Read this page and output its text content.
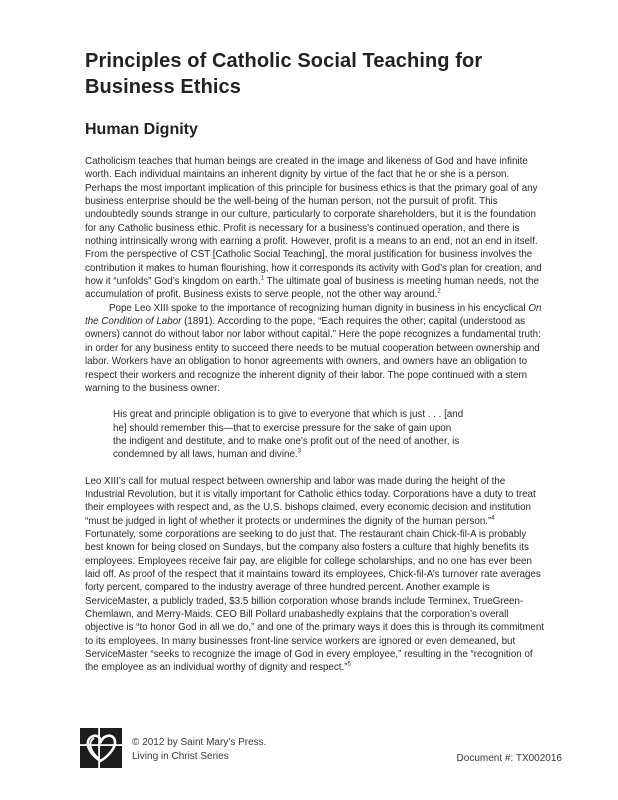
Principles of Catholic Social Teaching for Business Ethics
Human Dignity

Catholicism teaches that human beings are created in the image and likeness of God and have infinite worth. Each individual maintains an inherent dignity by virtue of the fact that he or she is a person. Perhaps the most important implication of this principle for business ethics is that the primary goal of any business enterprise should be the well-being of the human person, not the pursuit of profit. This undoubtedly sounds strange in our culture, particularly to corporate shareholders, but it is the foundation for any Catholic business ethic. Profit is necessary for a business’s continued operation, and there is nothing intrinsically wrong with earning a profit. However, profit is a means to an end, not an end in itself. From the perspective of CST [Catholic Social Teaching], the moral justification for business involves the contribution it makes to human flourishing, how it corresponds its activity with God’s plan for creation, and how it “unfolds” God’s kingdom on earth.$^1$ The ultimate goal of business is meeting human needs, not the accumulation of profit. Business exists to serve people, not the other way around.$^2$

Pope Leo XIII spoke to the importance of recognizing human dignity in business in his encyclical On the Condition of Labor (1891). According to the pope, “Each requires the other; capital (understood as owners) cannot do without labor nor labor without capital.” Here the pope recognizes a fundamental truth: in order for any business entity to succeed there needs to be mutual cooperation between ownership and labor. Workers have an obligation to honor agreements with owners, and owners have an obligation to respect their workers and recognize the inherent dignity of their labor. The pope continued with a stern warning to the business owner:

His great and principle obligation is to give to everyone that which is just . . . [and he] should remember this—that to exercise pressure for the sake of gain upon the indigent and destitute, and to make one’s profit out of the need of another, is condemned by all laws, human and divine.$^3$

Leo XIII’s call for mutual respect between ownership and labor was made during the height of the Industrial Revolution, but it is vitally important for Catholic ethics today. Corporations have a duty to treat their employees with respect and, as the U.S. bishops claimed, every economic decision and institution “must be judged in light of whether it protects or undermines the dignity of the human person.”$^4$ Fortunately, some corporations are seeking to do just that. The restaurant chain Chick-fil-A is probably best known for being closed on Sundays, but the company also fosters a culture that highly benefits its employees. Employees receive fair pay, are eligible for college scholarships, and no one has ever been laid off. As proof of the respect that it maintains toward its employees, Chick-fil-A’s turnover rate averages forty percent, compared to the industry average of three hundred percent. Another example is ServiceMaster, a publicly traded, $3.5 billion corporation whose brands include Terminex, TrueGreen-Chemlawn, and Merry-Maids. CEO Bill Pollard unabashedly explains that the corporation’s overall objective is “to honor God in all we do,” and one of the primary ways it does this is through its commitment to its employees. In many businesses front-line service workers are ignored or even demeaned, but ServiceMaster “seeks to recognize the image of God in every employee,” resulting in the “recognition of the employee as an individual worthy of dignity and respect.”$^5$

© 2012 by Saint Mary’s Press.
Living in Christ Series	Document #: TX002016
